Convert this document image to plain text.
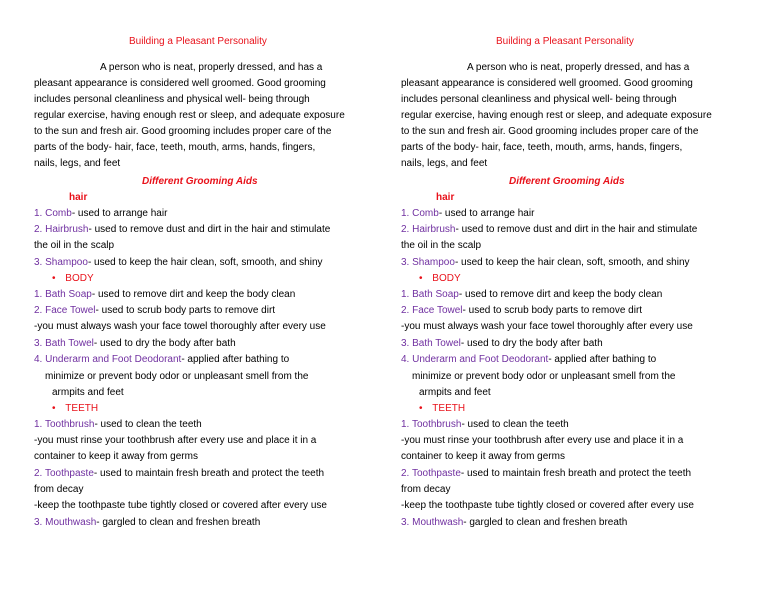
Building a Pleasant Personality
A person who is neat, properly dressed, and has a
pleasant appearance is considered well groomed. Good grooming
includes personal cleanliness and physical well- being through
regular exercise, having enough rest or sleep, and adequate exposure
to the sun and fresh air. Good grooming includes proper care of the
parts of the body- hair, face, teeth, mouth, arms, hands, fingers,
nails, legs, and feet
Different Grooming Aids
hair
1. Comb- used to arrange hair
2. Hairbrush- used to remove dust and dirt in the hair and stimulate
the oil in the scalp
3. Shampoo- used to keep the hair clean, soft, smooth, and shiny
• BODY
1. Bath Soap- used to remove dirt and keep the body clean
2. Face Towel- used to scrub body parts to remove dirt
-you must always wash your face towel thoroughly after every use
3. Bath Towel- used to dry the body after bath
4. Underarm and Foot Deodorant- applied after bathing to
minimize or prevent body odor or unpleasant smell from the
armpits and feet
• TEETH
1. Toothbrush- used to clean the teeth
-you must rinse your toothbrush after every use and place it in a
container to keep it away from germs
2. Toothpaste- used to maintain fresh breath and protect the teeth
from decay
-keep the toothpaste tube tightly closed or covered after every use
3. Mouthwash- gargled to clean and freshen breath
Building a Pleasant Personality
A person who is neat, properly dressed, and has a
pleasant appearance is considered well groomed. Good grooming
includes personal cleanliness and physical well- being through
regular exercise, having enough rest or sleep, and adequate exposure
to the sun and fresh air. Good grooming includes proper care of the
parts of the body- hair, face, teeth, mouth, arms, hands, fingers,
nails, legs, and feet
Different Grooming Aids
hair
1. Comb- used to arrange hair
2. Hairbrush- used to remove dust and dirt in the hair and stimulate
the oil in the scalp
3. Shampoo- used to keep the hair clean, soft, smooth, and shiny
• BODY
1. Bath Soap- used to remove dirt and keep the body clean
2. Face Towel- used to scrub body parts to remove dirt
-you must always wash your face towel thoroughly after every use
3. Bath Towel- used to dry the body after bath
4. Underarm and Foot Deodorant- applied after bathing to
minimize or prevent body odor or unpleasant smell from the
armpits and feet
• TEETH
1. Toothbrush- used to clean the teeth
-you must rinse your toothbrush after every use and place it in a
container to keep it away from germs
2. Toothpaste- used to maintain fresh breath and protect the teeth
from decay
-keep the toothpaste tube tightly closed or covered after every use
3. Mouthwash- gargled to clean and freshen breath
